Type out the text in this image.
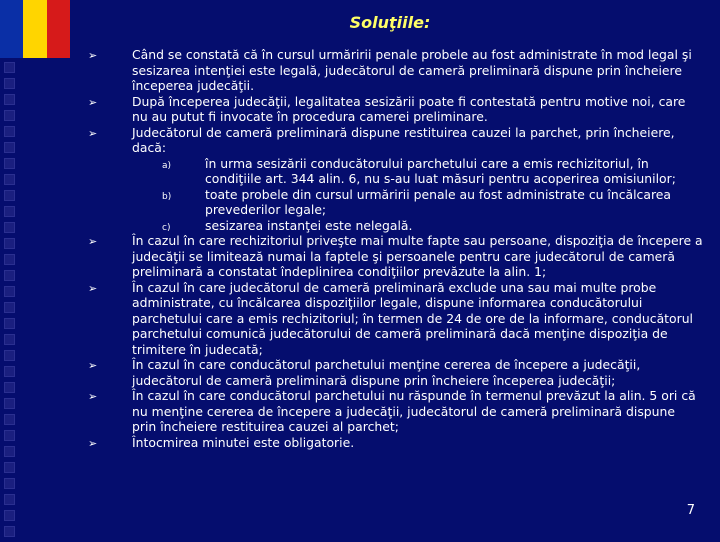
Soluţiile:
➢	Când se constată că în cursul urmăririi penale probele au fost administrate în mod legal şi sesizarea intenţiei este legală, judecătorul de cameră preliminară dispune prin încheiere începerea judecăţii.
➢	După începerea judecăţii, legalitatea sesizării poate fi contestată pentru motive noi, care nu au putut fi invocate în procedura camerei preliminare.
➢	Judecătorul de cameră preliminară dispune restituirea cauzei la parchet, prin încheiere, dacă:
a)	în urma sesizării conducătorului parchetului care a emis rechizitoriul, în condiţiile art. 344 alin. 6, nu s-au luat măsuri pentru acoperirea omisiunilor;
b)	toate probele din cursul urmăririi penale au fost administrate cu încălcarea prevederilor legale;
c)	sesizarea instanţei este nelegală.
➢	În cazul în care rechizitoriul priveşte mai multe fapte sau persoane, dispoziţia de începere a judecăţii se limitează numai la faptele şi persoanele pentru care judecătorul de cameră preliminară a constatat îndeplinirea condiţiilor prevăzute la alin. 1;
➢	În cazul în care judecătorul de cameră preliminară exclude una sau mai multe probe administrate, cu încălcarea dispoziţiilor legale, dispune informarea conducătorului parchetului care a emis rechizitoriul; în termen de 24 de ore de la informare, conducătorul parchetului comunică judecătorului de cameră preliminară dacă menţine dispoziţia de trimitere în judecată;
➢	În cazul în care conducătorul parchetului menţine cererea de începere a judecăţii, judecătorul de cameră preliminară dispune prin încheiere începerea judecăţii;
➢	În cazul în care conducătorul parchetului nu răspunde în termenul prevăzut la alin. 5 ori că nu menţine cererea de începere a judecăţii, judecătorul de cameră preliminară dispune prin încheiere restituirea cauzei al parchet;
➢	Întocmirea minutei este obligatorie.
7
